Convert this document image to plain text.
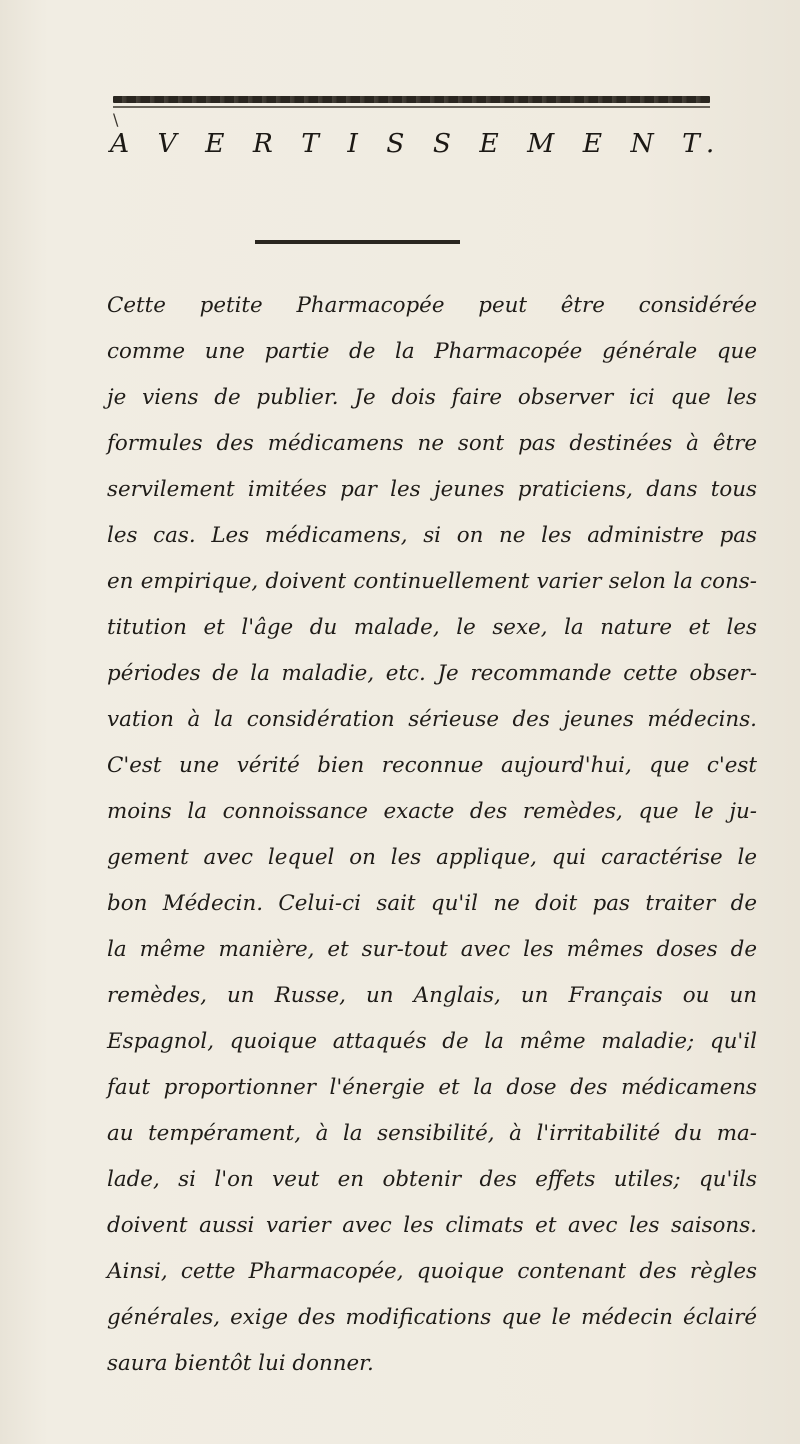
\
A V E R T I S S E M E N T.
Cette petite Pharmacopée peut être considérée
comme une partie de la Pharmacopée générale que
je viens de publier. Je dois faire observer ici que les
formules des médicamens ne sont pas destinées à être
servilement imitées par les jeunes praticiens, dans tous
les cas. Les médicamens, si on ne les administre pas
en empirique, doivent continuellement varier selon la cons-
titution et l'âge du malade, le sexe, la nature et les
périodes de la maladie, etc. Je recommande cette obser-
vation à la considération sérieuse des jeunes médecins.
C'est une vérité bien reconnue aujourd'hui, que c'est
moins la connoissance exacte des remèdes, que le ju-
gement avec lequel on les applique, qui caractérise le
bon Médecin. Celui-ci sait qu'il ne doit pas traiter de
la même manière, et sur-tout avec les mêmes doses de
remèdes, un Russe, un Anglais, un Français ou un
Espagnol, quoique attaqués de la même maladie; qu'il
faut proportionner l'énergie et la dose des médicamens
au tempérament, à la sensibilité, à l'irritabilité du ma-
lade, si l'on veut en obtenir des effets utiles; qu'ils
doivent aussi varier avec les climats et avec les saisons.
Ainsi, cette Pharmacopée, quoique contenant des règles
générales, exige des modifications que le médecin éclairé
saura bientôt lui donner.
